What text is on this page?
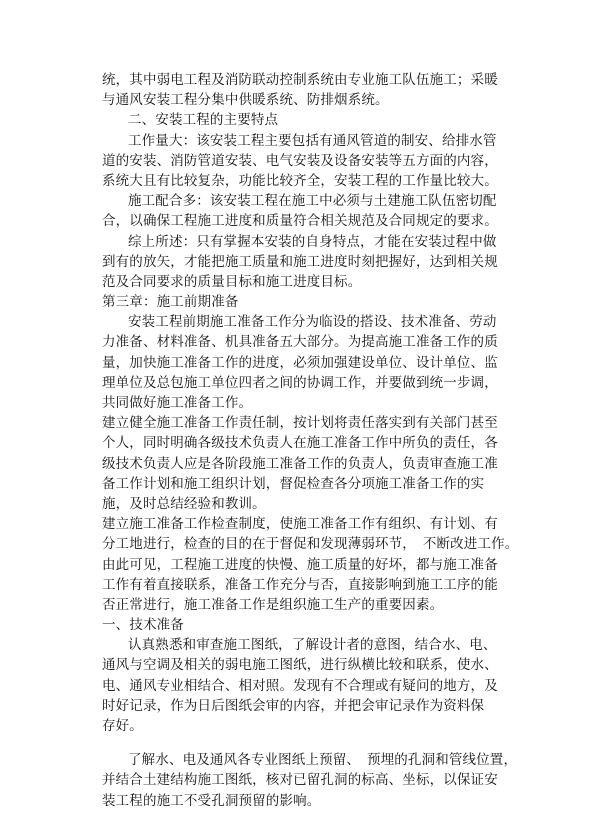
统，其中弱电工程及消防联动控制系统由专业施工队伍施工；采暖
与通风安装工程分集中供暖系统、防排烟系统。
二、安装工程的主要特点
工作量大：该安装工程主要包括有通风管道的制安、给排水管
道的安装、消防管道安装、电气安装及设备安装等五方面的内容，
系统大且有比较复杂，功能比较齐全，安装工程的工作量比较大。
施工配合多：该安装工程在施工中必须与土建施工队伍密切配
合，以确保工程施工进度和质量符合相关规范及合同规定的要求。
综上所述：只有掌握本安装的自身特点，才能在安装过程中做
到有的放矢，才能把施工质量和施工进度时刻把握好，达到相关规
范及合同要求的质量目标和施工进度目标。
第三章：施工前期准备
安装工程前期施工准备工作分为临设的搭设、技术准备、劳动
力准备、材料准备、机具准备五大部分。为提高施工准备工作的质
量，加快施工准备工作的进度，必须加强建设单位、设计单位、监
理单位及总包施工单位四者之间的协调工作，并要做到统一步调，
共同做好施工准备工作。
建立健全施工准备工作责任制，按计划将责任落实到有关部门甚至
个人，同时明确各级技术负责人在施工准备工作中所负的责任，各
级技术负责人应是各阶段施工准备工作的负责人，负责审查施工准
备工作计划和施工组织计划，督促检查各分项施工准备工作的实
施，及时总结经验和教训。
建立施工准备工作检查制度，使施工准备工作有组织、有计划、有
分工地进行，检查的目的在于督促和发现薄弱环节，　不断改进工作。
由此可见，工程施工进度的快慢、施工质量的好坏，都与施工准备
工作有着直接联系，准备工作充分与否，直接影响到施工工序的能
否正常进行，施工准备工作是组织施工生产的重要因素。
一、技术准备
认真熟悉和审查施工图纸，了解设计者的意图，结合水、电、
通风与空调及相关的弱电施工图纸，进行纵横比较和联系，使水、
电、通风专业相结合、相对照。发现有不合理或有疑问的地方，及
时好记录，作为日后图纸会审的内容，并把会审记录作为资料保
存好。
了解水、电及通风各专业图纸上预留、　预埋的孔洞和管线位置，
并结合土建结构施工图纸，核对已留孔洞的标高、坐标，以保证安
装工程的施工不受孔洞预留的影响。
